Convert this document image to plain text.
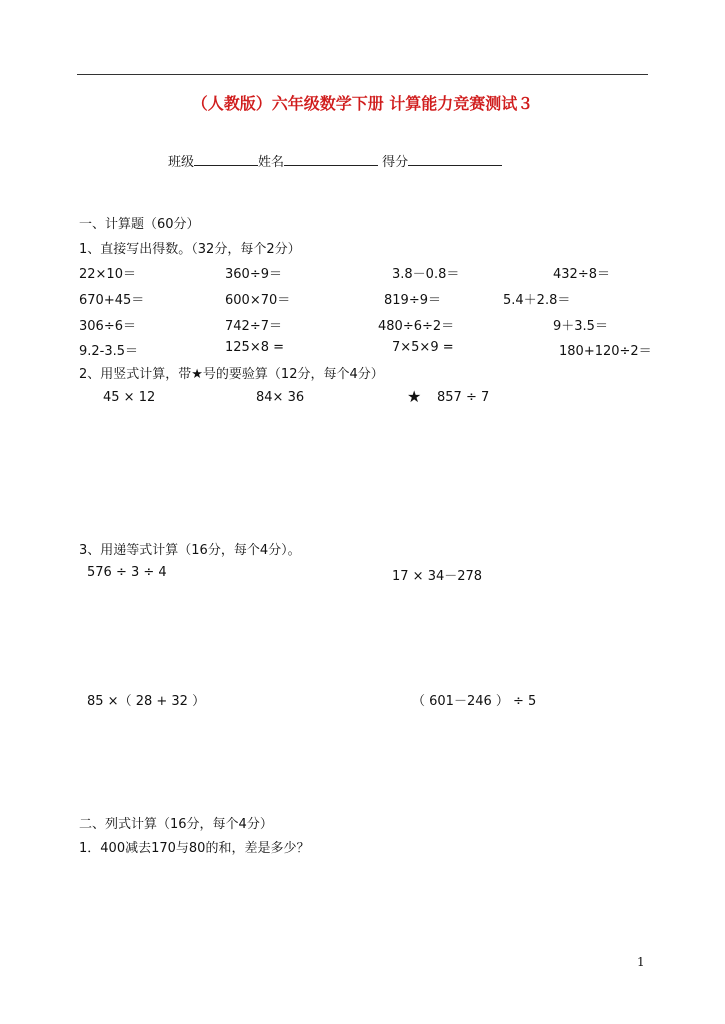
（人教版）六年级数学下册 计算能力竞赛测试３
班级	姓名	得分
一、计算题（60分）
1、直接写出得数。（32分，每个2分）
22×10＝	360÷9＝	3.8－0.8＝	432÷8＝
670+45＝	600×70＝	819÷9＝	5.4＋2.8＝
306÷6＝	742÷7＝	480÷6÷2＝	9＋3.5＝
9.2-3.5＝	125×8 =	7×5×9 =	180+120÷2＝
2、用竖式计算，带★号的要验算（12分，每个4分）
45 × 12	84× 36	★ 857 ÷ 7
3、用递等式计算（16分，每个4分）。
576 ÷ 3 ÷ 4	17 × 34－278
85 ×（ 28 + 32 ）	（ 601－246 ） ÷ 5
二、列式计算（16分，每个4分）
1．400减去170与80的和，差是多少？
1
